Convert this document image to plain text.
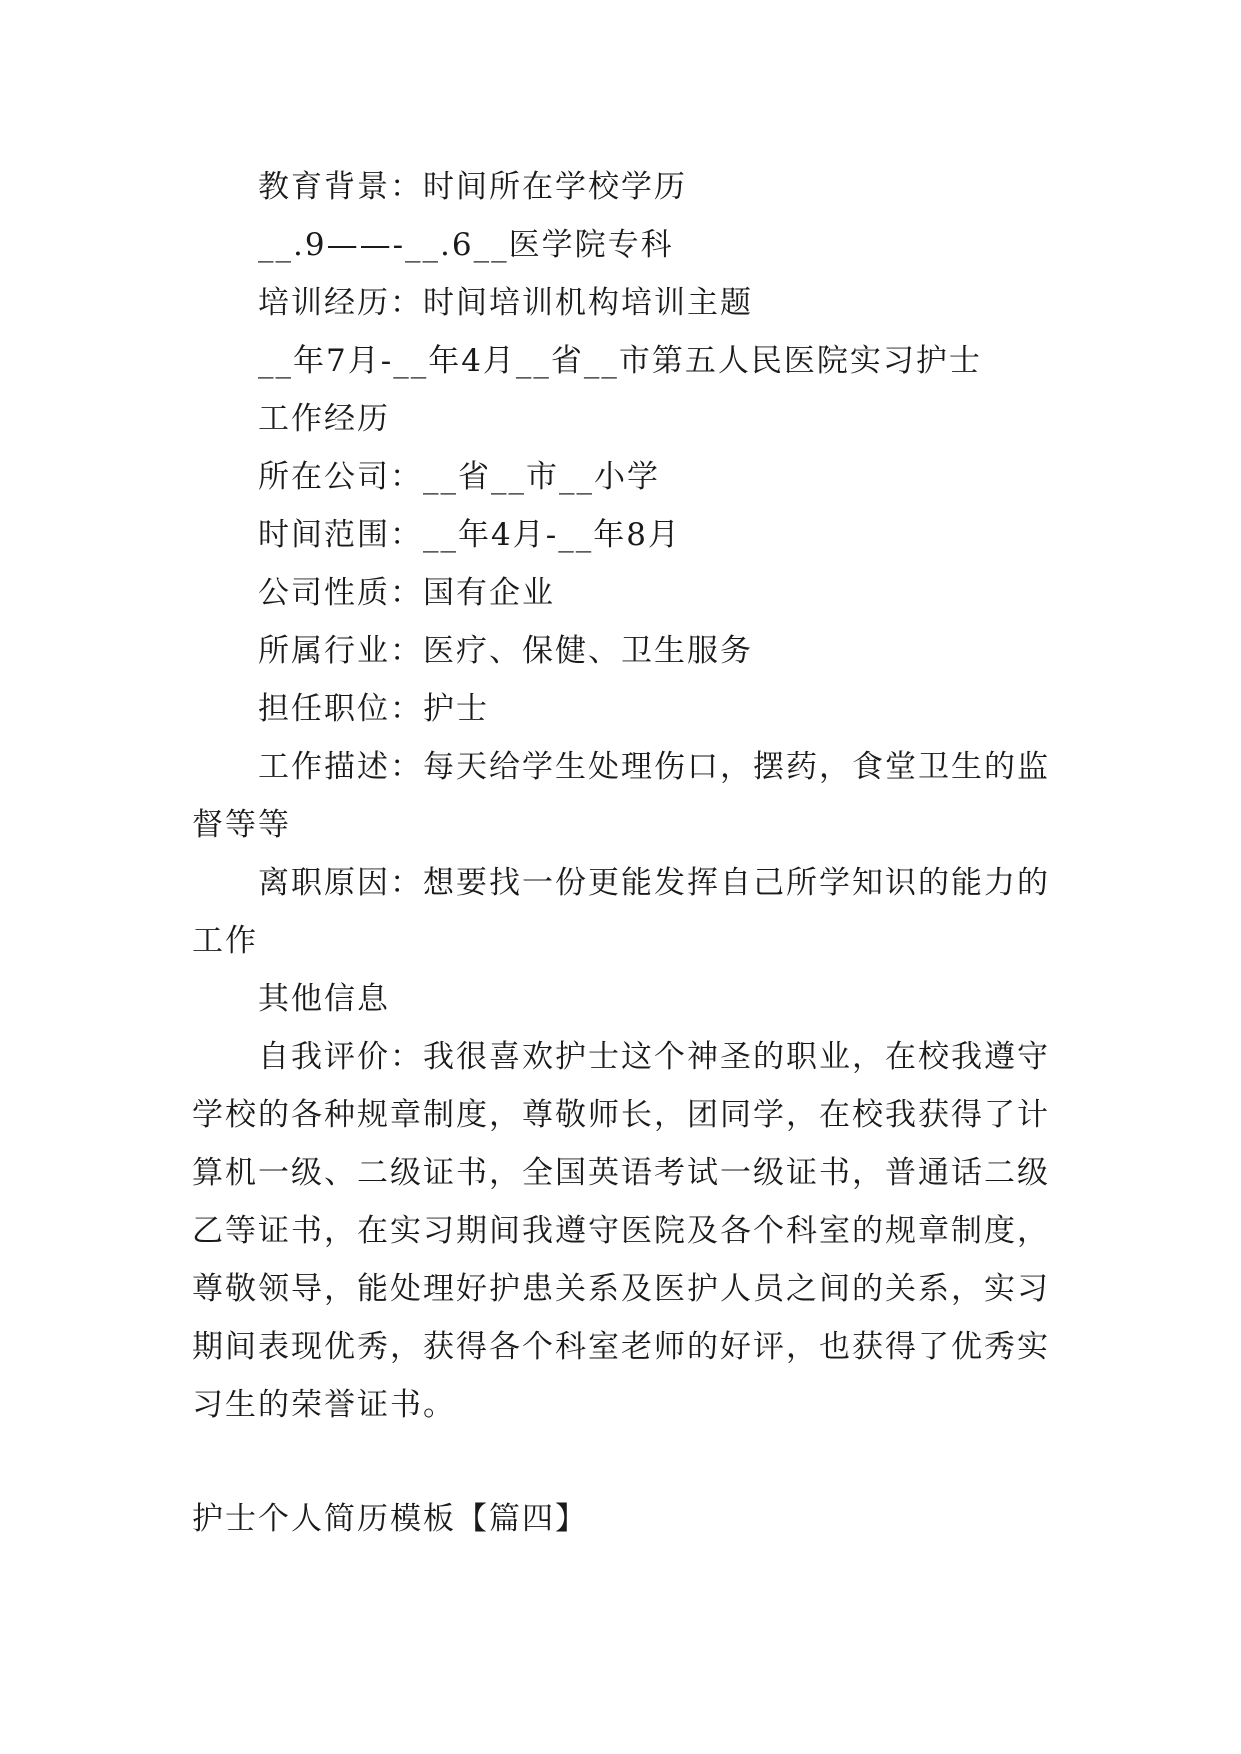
教育背景：时间所在学校学历

__.9——-__.6__医学院专科

培训经历：时间培训机构培训主题

__年7月-__年4月__省__市第五人民医院实习护士

工作经历

所在公司：__省__市__小学

时间范围：__年4月-__年8月

公司性质：国有企业

所属行业：医疗、保健、卫生服务

担任职位：护士

工作描述：每天给学生处理伤口，摆药，食堂卫生的监督等等

离职原因：想要找一份更能发挥自己所学知识的能力的工作

其他信息

自我评价：我很喜欢护士这个神圣的职业，在校我遵守学校的各种规章制度，尊敬师长，团同学，在校我获得了计算机一级、二级证书，全国英语考试一级证书，普通话二级乙等证书，在实习期间我遵守医院及各个科室的规章制度，尊敬领导，能处理好护患关系及医护人员之间的关系，实习期间表现优秀，获得各个科室老师的好评，也获得了优秀实习生的荣誉证书。

护士个人简历模板【篇四】
